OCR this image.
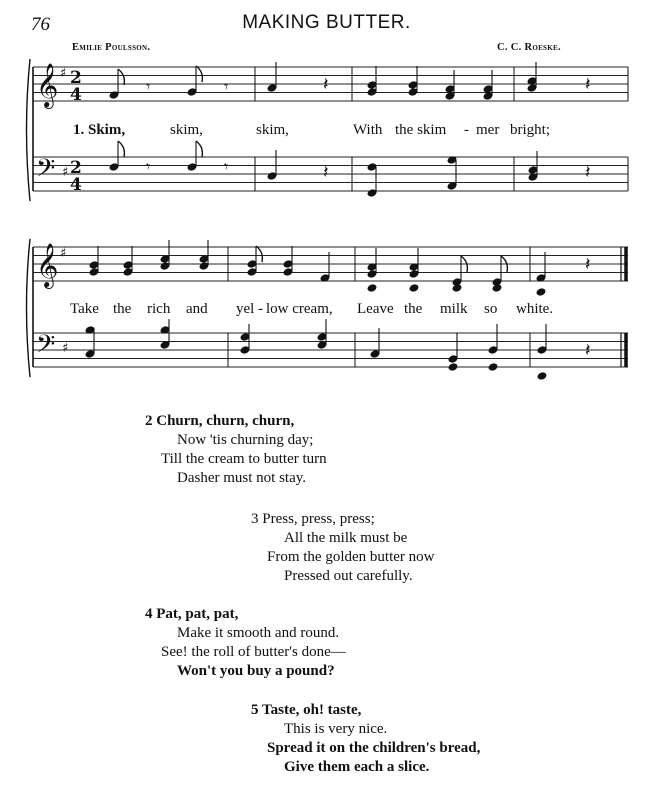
76	MAKING BUTTER.
Emilie Poulsson.	C. C. Roeske.
𝄾	𝄾	𝄽	𝄽
𝄾	𝄾	𝄽	𝄽
𝄽
𝄽
𝄞 ♯
𝄞 ♯
𝄢 ♯
𝄢 ♯
2
4
2
4
1. Skim,	skim,	skim,	With the skim - mer bright;
Take the rich and yel - low cream, Leave the milk so white.
2 Churn, churn, churn,
Now 'tis churning day;
Till the cream to butter turn
Dasher must not stay.
3 Press, press, press;
All the milk must be
From the golden butter now
Pressed out carefully.
4 Pat, pat, pat,
Make it smooth and round.
See! the roll of butter's done—
Won't you buy a pound?
5 Taste, oh! taste,
This is very nice.
Spread it on the children's bread,
Give them each a slice.
